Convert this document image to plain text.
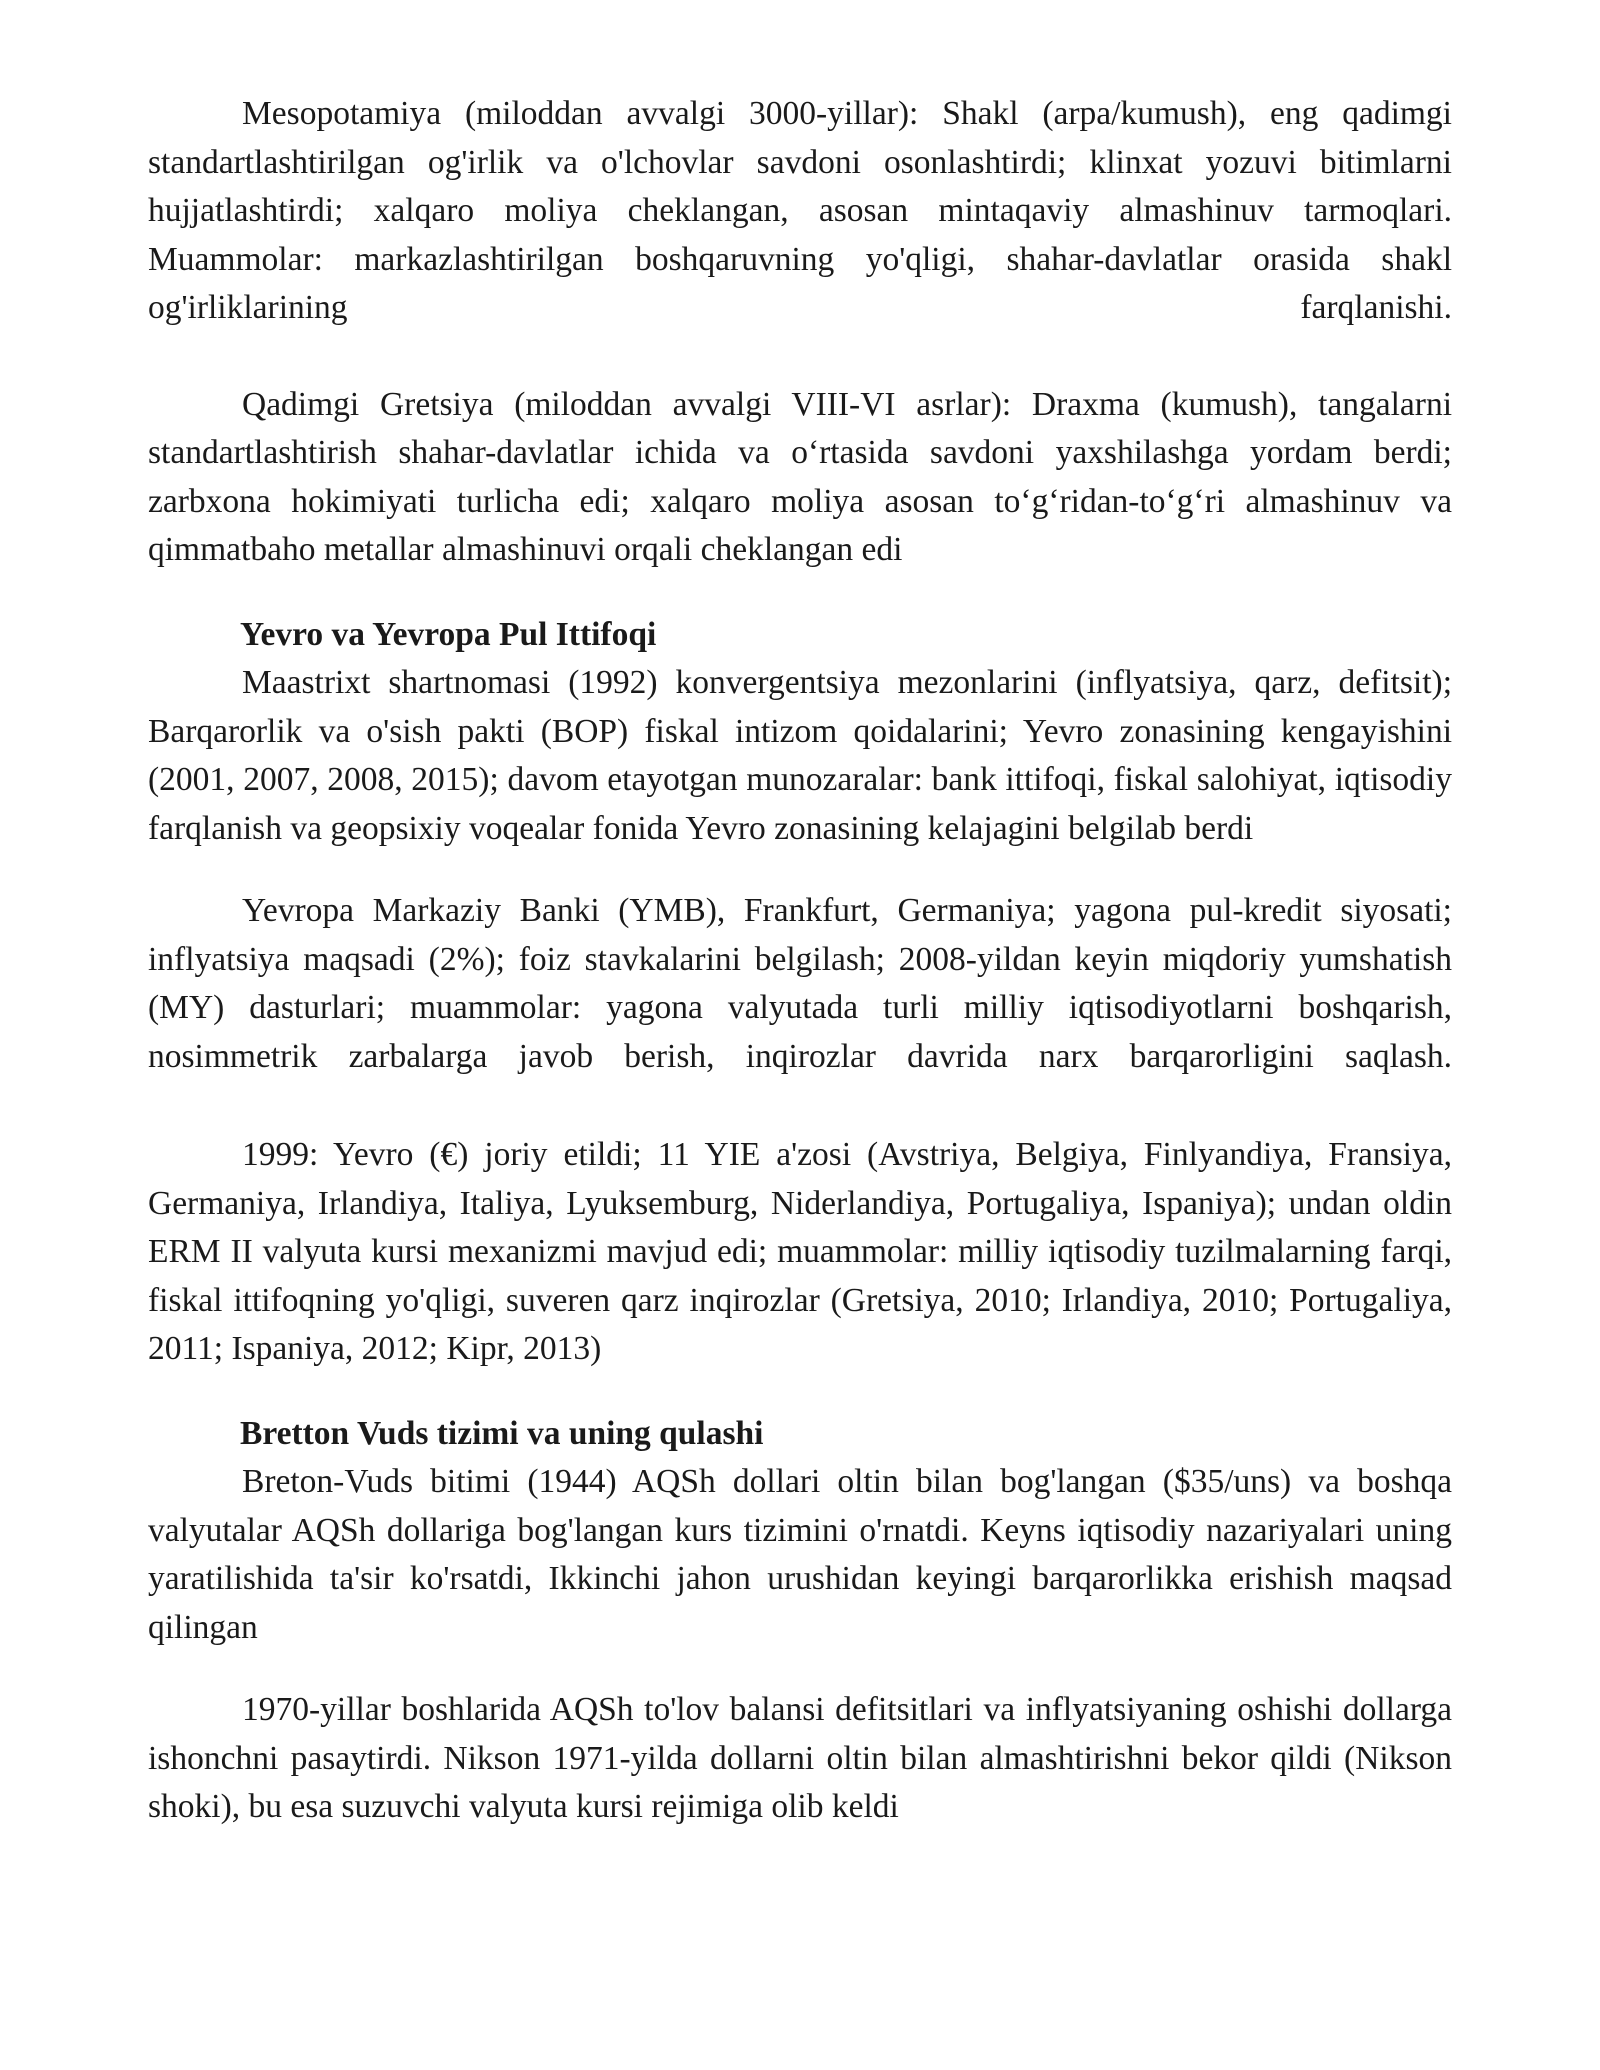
Mesopotamiya (miloddan avvalgi 3000-yillar): Shakl (arpa/kumush), eng qadimgi standartlashtirilgan og'irlik va o'lchovlar savdoni osonlashtirdi; klinxat yozuvi bitimlarni hujjatlashtirdi; xalqaro moliya cheklangan, asosan mintaqaviy almashinuv tarmoqlari. Muammolar: markazlashtirilgan boshqaruvning yo'qligi, shahar-davlatlar orasida shakl og'irliklarining farqlanishi.

Qadimgi Gretsiya (miloddan avvalgi VIII-VI asrlar): Draxma (kumush), tangalarni standartlashtirish shahar-davlatlar ichida va o‘rtasida savdoni yaxshilashga yordam berdi; zarbxona hokimiyati turlicha edi; xalqaro moliya asosan to‘g‘ridan-to‘g‘ri almashinuv va qimmatbaho metallar almashinuvi orqali cheklangan edi

Yevro va Yevropa Pul Ittifoqi

Maastrixt shartnomasi (1992) konvergentsiya mezonlarini (inflyatsiya, qarz, defitsit); Barqarorlik va o'sish pakti (BOP) fiskal intizom qoidalarini; Yevro zonasining kengayishini (2001, 2007, 2008, 2015); davom etayotgan munozaralar: bank ittifoqi, fiskal salohiyat, iqtisodiy farqlanish va geopsixiy voqealar fonida Yevro zonasining kelajagini belgilab berdi

Yevropa Markaziy Banki (YMB), Frankfurt, Germaniya; yagona pul-kredit siyosati; inflyatsiya maqsadi (2%); foiz stavkalarini belgilash; 2008-yildan keyin miqdoriy yumshatish (MY) dasturlari; muammolar: yagona valyutada turli milliy iqtisodiyotlarni boshqarish, nosimmetrik zarbalarga javob berish, inqirozlar davrida narx barqarorligini saqlash.

1999: Yevro (€) joriy etildi; 11 YIE a'zosi (Avstriya, Belgiya, Finlyandiya, Fransiya, Germaniya, Irlandiya, Italiya, Lyuksemburg, Niderlandiya, Portugaliya, Ispaniya); undan oldin ERM II valyuta kursi mexanizmi mavjud edi; muammolar: milliy iqtisodiy tuzilmalarning farqi, fiskal ittifoqning yo'qligi, suveren qarz inqirozlar (Gretsiya, 2010; Irlandiya, 2010; Portugaliya, 2011; Ispaniya, 2012; Kipr, 2013)

Bretton Vuds tizimi va uning qulashi

Breton-Vuds bitimi (1944) AQSh dollari oltin bilan bog'langan ($35/uns) va boshqa valyutalar AQSh dollariga bog'langan kurs tizimini o'rnatdi. Keyns iqtisodiy nazariyalari uning yaratilishida ta'sir ko'rsatdi, Ikkinchi jahon urushidan keyingi barqarorlikka erishish maqsad qilingan

1970-yillar boshlarida AQSh to'lov balansi defitsitlari va inflyatsiyaning oshishi dollarga ishonchni pasaytirdi. Nikson 1971-yilda dollarni oltin bilan almashtirishni bekor qildi (Nikson shoki), bu esa suzuvchi valyuta kursi rejimiga olib keldi
